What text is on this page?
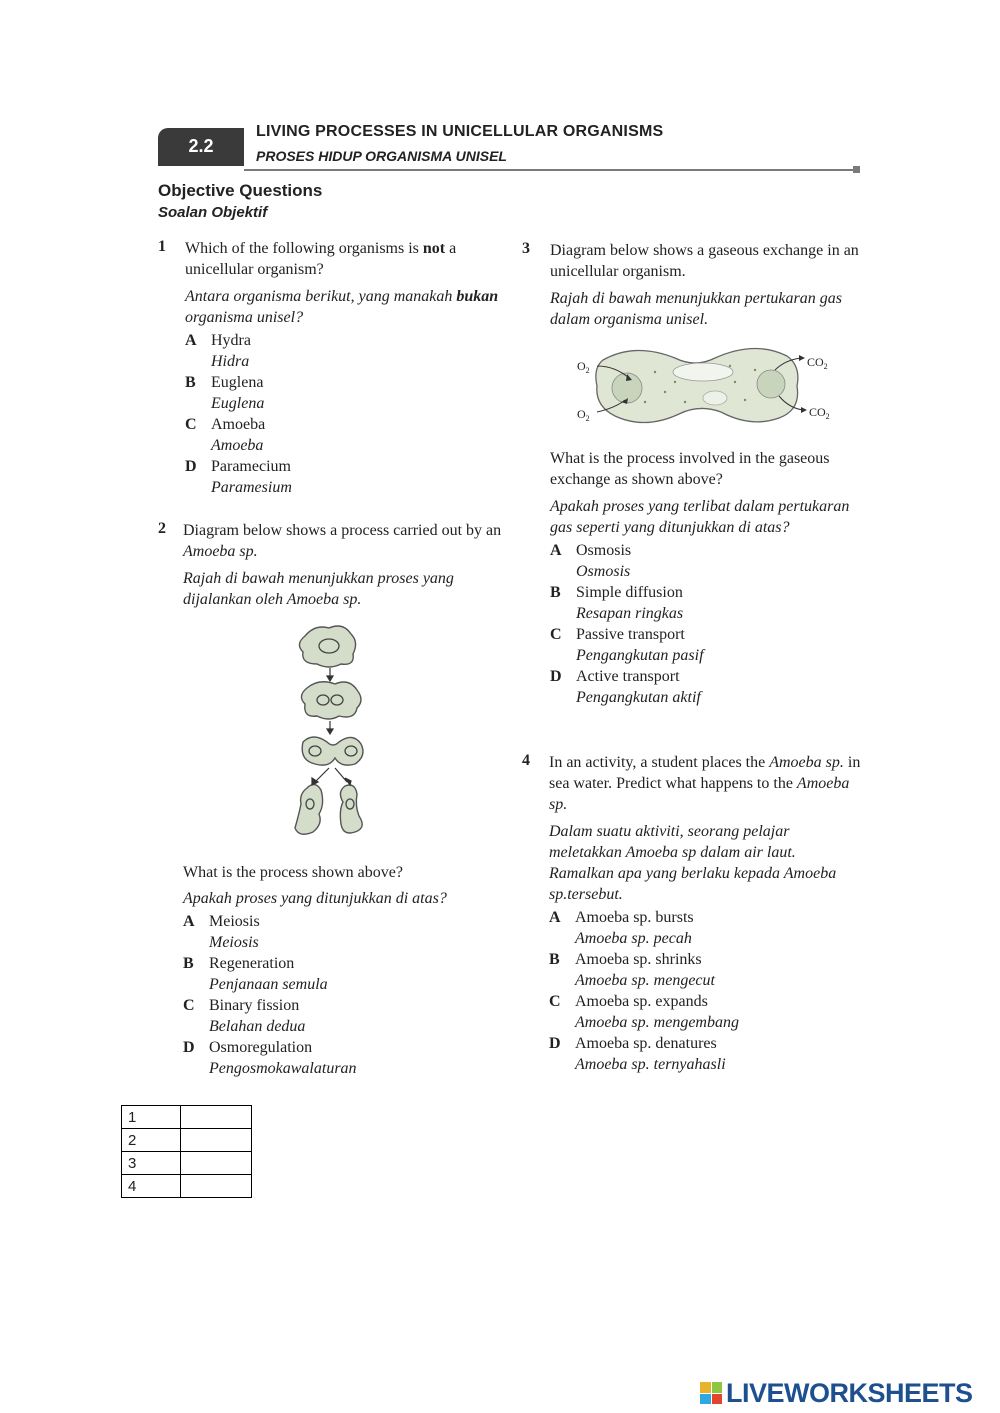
2.2
LIVING PROCESSES IN UNICELLULAR ORGANISMS
PROSES HIDUP ORGANISMA UNISEL
Objective Questions
Soalan Objektif
1 Which of the following organisms is not a unicellular organism?
Antara organisma berikut, yang manakah bukan organisma unisel?
A Hydra
Hidra
B Euglena
Euglena
C Amoeba
Amoeba
D Paramecium
Paramesium
2 Diagram below shows a process carried out by an Amoeba sp.
Rajah di bawah menunjukkan proses yang dijalankan oleh Amoeba sp.
What is the process shown above?
Apakah proses yang ditunjukkan di atas?
A Meiosis
Meiosis
B Regeneration
Penjanaan semula
C Binary fission
Belahan dedua
D Osmoregulation
Pengosmokawalaturan
3 Diagram below shows a gaseous exchange in an unicellular organism.
Rajah di bawah menunjukkan pertukaran gas dalam organisma unisel.
$O_2$
$O_2$
$CO_2$
$CO_2$
What is the process involved in the gaseous exchange as shown above?
Apakah proses yang terlibat dalam pertukaran gas seperti yang ditunjukkan di atas?
A Osmosis
Osmosis
B Simple diffusion
Resapan ringkas
C Passive transport
Pengangkutan pasif
D Active transport
Pengangkutan aktif
4 In an activity, a student places the Amoeba sp. in sea water. Predict what happens to the Amoeba sp.
Dalam suatu aktiviti, seorang pelajar meletakkan Amoeba sp dalam air laut. Ramalkan apa yang berlaku kepada Amoeba sp.tersebut.
A Amoeba sp. bursts
Amoeba sp. pecah
B Amoeba sp. shrinks
Amoeba sp. mengecut
C Amoeba sp. expands
Amoeba sp. mengembang
D Amoeba sp. denatures
Amoeba sp. ternyahasli
1	
2	
3	
4	
LIVEWORKSHEETS
